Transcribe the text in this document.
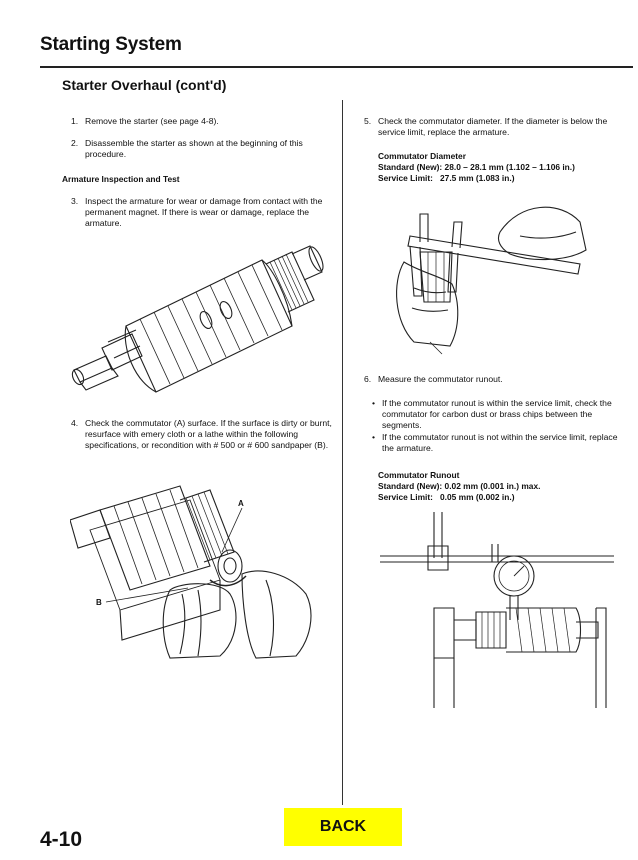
Starting System
Starter Overhaul (cont'd)
1. Remove the starter (see page 4-8).
2. Disassemble the starter as shown at the beginning of this procedure.

Armature Inspection and Test

3. Inspect the armature for wear or damage from contact with the permanent magnet. If there is wear or damage, replace the armature.
4. Check the commutator (A) surface. If the surface is dirty or burnt, resurface with emery cloth or a lathe within the following specifications, or recondition with # 500 or # 600 sandpaper (B).
A
B
5. Check the commutator diameter. If the diameter is below the service limit, replace the armature.
Commutator Diameter
Standard (New): 28.0 – 28.1 mm (1.102 – 1.106 in.)
Service Limit: 27.5 mm (1.083 in.)
6. Measure the commutator runout.
• If the commutator runout is within the service limit, check the commutator for carbon dust or brass chips between the segments.
• If the commutator runout is not within the service limit, replace the armature.
Commutator Runout
Standard (New): 0.02 mm (0.001 in.) max.
Service Limit: 0.05 mm (0.002 in.)
4-10
BACK
